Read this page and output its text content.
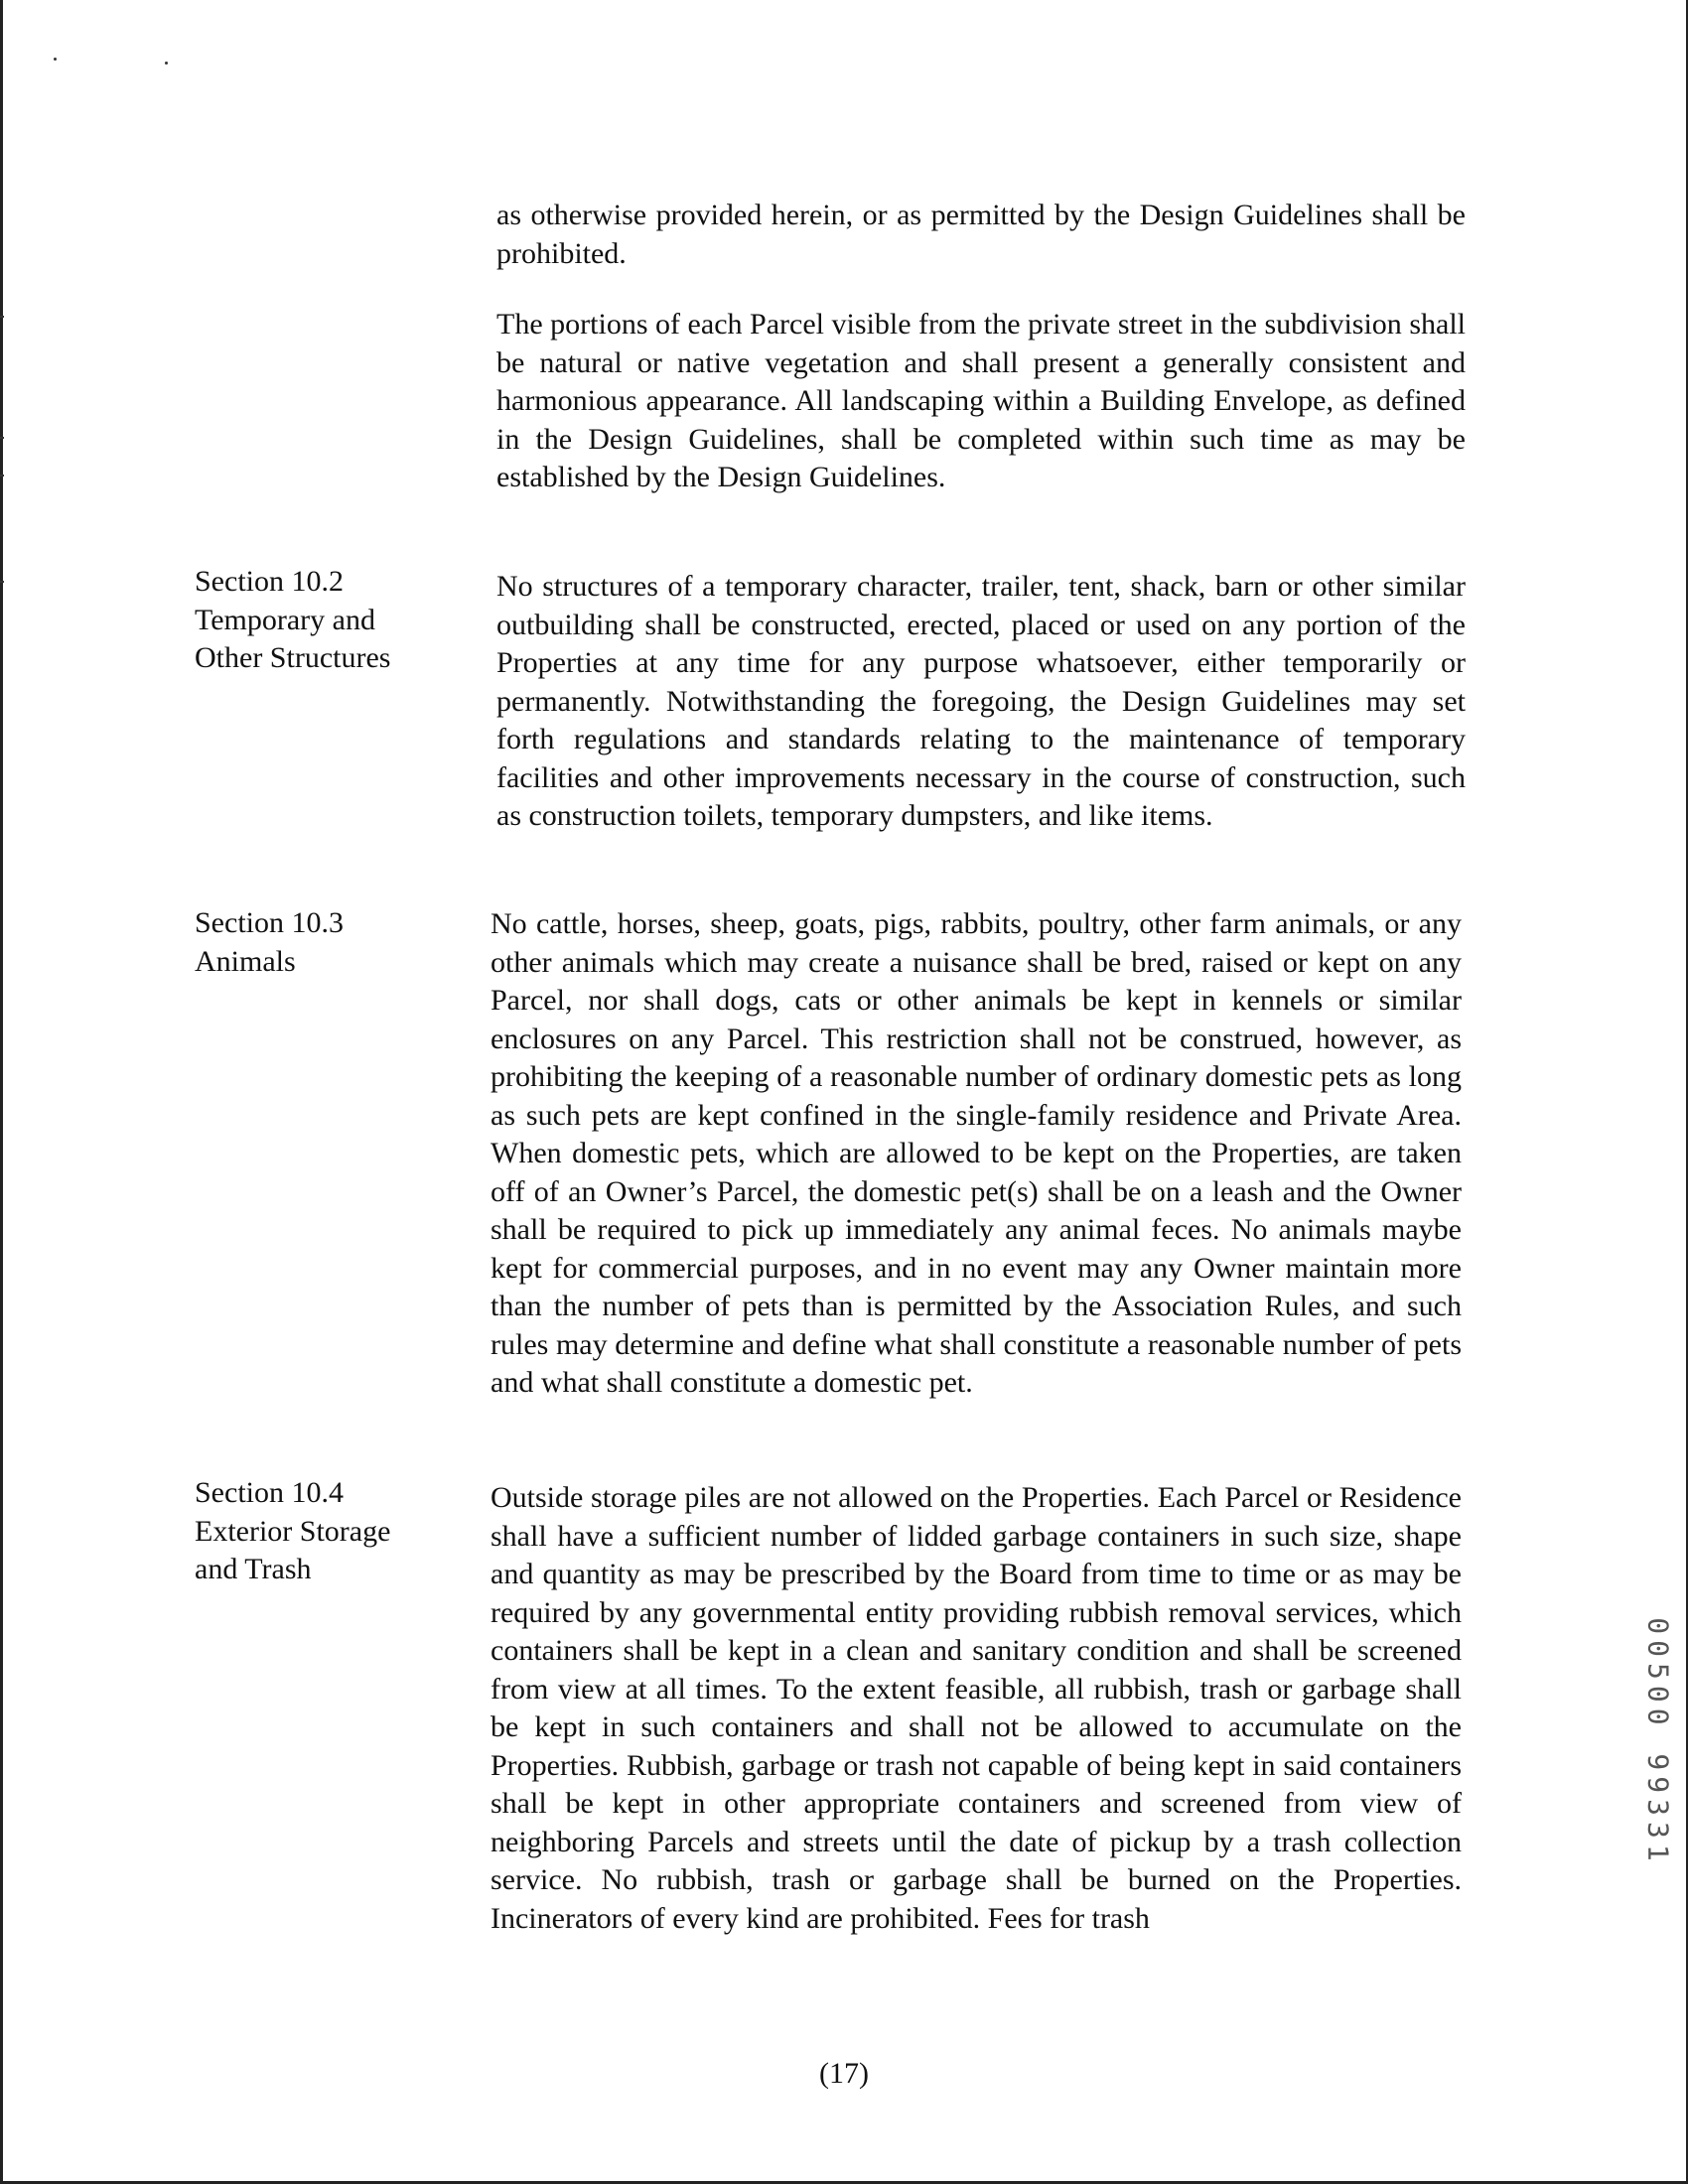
as otherwise provided herein, or as permitted by the Design Guidelines shall be prohibited.

The portions of each Parcel visible from the private street in the subdivision shall be natural or native vegetation and shall present a generally consistent and harmonious appearance. All landscaping within a Building Envelope, as defined in the Design Guidelines, shall be completed within such time as may be established by the Design Guidelines.

Section 10.2
Temporary and
Other Structures

No structures of a temporary character, trailer, tent, shack, barn or other similar outbuilding shall be constructed, erected, placed or used on any portion of the Properties at any time for any purpose whatsoever, either temporarily or permanently. Notwithstanding the foregoing, the Design Guidelines may set forth regulations and standards relating to the maintenance of temporary facilities and other improvements necessary in the course of construction, such as construction toilets, temporary dumpsters, and like items.

Section 10.3
Animals

No cattle, horses, sheep, goats, pigs, rabbits, poultry, other farm animals, or any other animals which may create a nuisance shall be bred, raised or kept on any Parcel, nor shall dogs, cats or other animals be kept in kennels or similar enclosures on any Parcel. This restriction shall not be construed, however, as prohibiting the keeping of a reasonable number of ordinary domestic pets as long as such pets are kept confined in the single-family residence and Private Area. When domestic pets, which are allowed to be kept on the Properties, are taken off of an Owner’s Parcel, the domestic pet(s) shall be on a leash and the Owner shall be required to pick up immediately any animal feces. No animals maybe kept for commercial purposes, and in no event may any Owner maintain more than the number of pets than is permitted by the Association Rules, and such rules may determine and define what shall constitute a reasonable number of pets and what shall constitute a domestic pet.

Section 10.4
Exterior Storage
and Trash

Outside storage piles are not allowed on the Properties. Each Parcel or Residence shall have a sufficient number of lidded garbage containers in such size, shape and quantity as may be prescribed by the Board from time to time or as may be required by any governmental entity providing rubbish removal services, which containers shall be kept in a clean and sanitary condition and shall be screened from view at all times. To the extent feasible, all rubbish, trash or garbage shall be kept in such containers and shall not be allowed to accumulate on the Properties. Rubbish, garbage or trash not capable of being kept in said containers shall be kept in other appropriate containers and screened from view of neighboring Parcels and streets until the date of pickup by a trash collection service. No rubbish, trash or garbage shall be burned on the Properties. Incinerators of every kind are prohibited. Fees for trash

(17)
00500 99331
